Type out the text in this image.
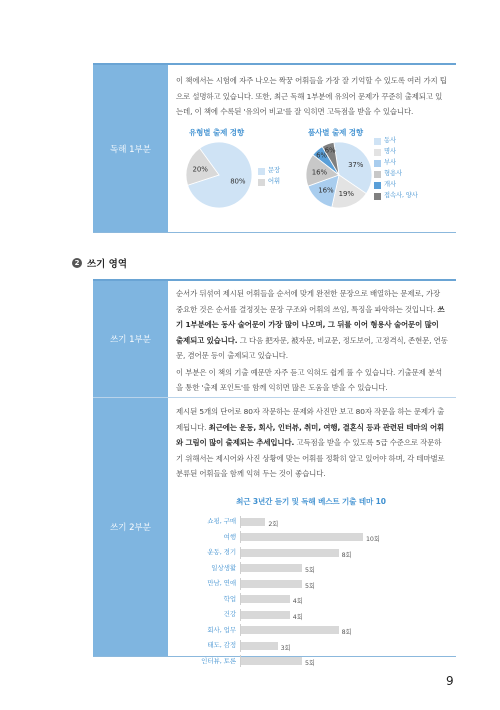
독해 1부분
이 책에서는 시험에 자주 나오는 짝꿍 어휘들을 가장 잘 기억할 수 있도록 여러 가지 팁으로 설명하고 있습니다. 또한, 최근 독해 1부분에 유의어 문제가 꾸준히 출제되고 있는데, 이 책에 수록된 '유의어 비교'를 잘 익히면 고득점을 받을 수 있습니다.
유형별 출제 경향
80%
20%	문장
어휘
품사별 출제 경향
37%
19%
16%
16%
6%
6%
동사
명사
부사
형용사
개사
접속사, 양사
2 쓰기 영역
쓰기 1부분
순서가 뒤섞여 제시된 어휘들을 순서에 맞게 완전한 문장으로 배열하는 문제로, 가장 중요한 것은 순서를 결정짓는 문장 구조와 어휘의 쓰임, 특징을 파악하는 것입니다. 쓰기 1부분에는 동사 술어문이 가장 많이 나오며, 그 뒤를 이어 형용사 술어문이 많이 출제되고 있습니다. 그 다음 把자문, 被자문, 비교문, 정도보어, 고정격식, 존현문, 연동문, 겸어문 등이 출제되고 있습니다.
이 부분은 이 책의 기출 예문만 자주 듣고 익혀도 쉽게 풀 수 있습니다. 기출문제 분석을 통한 '출제 포인트'를 함께 익히면 많은 도움을 받을 수 있습니다.
쓰기 2부분
제시된 5개의 단어로 80자 작문하는 문제와 사진만 보고 80자 작문을 하는 문제가 출제됩니다. 최근에는 운동, 회사, 인터뷰, 취미, 여행, 결혼식 등과 관련된 테마의 어휘와 그림이 많이 출제되는 추세입니다. 고득점을 받을 수 있도록 5급 수준으로 작문하기 위해서는 제시어와 사진 상황에 맞는 어휘를 정확히 알고 있어야 하며, 각 테마별로 분류된 어휘들을 함께 익혀 두는 것이 좋습니다.
최근 3년간 듣기 및 독해 베스트 기출 테마 10
쇼핑, 구매	2회
여행	10회
운동, 경기	8회
일상생활	5회
만남, 연애	5회
학업	4회
건강	4회
회사, 업무	8회
태도, 감정	3회
인터뷰, 토론	5회
9
